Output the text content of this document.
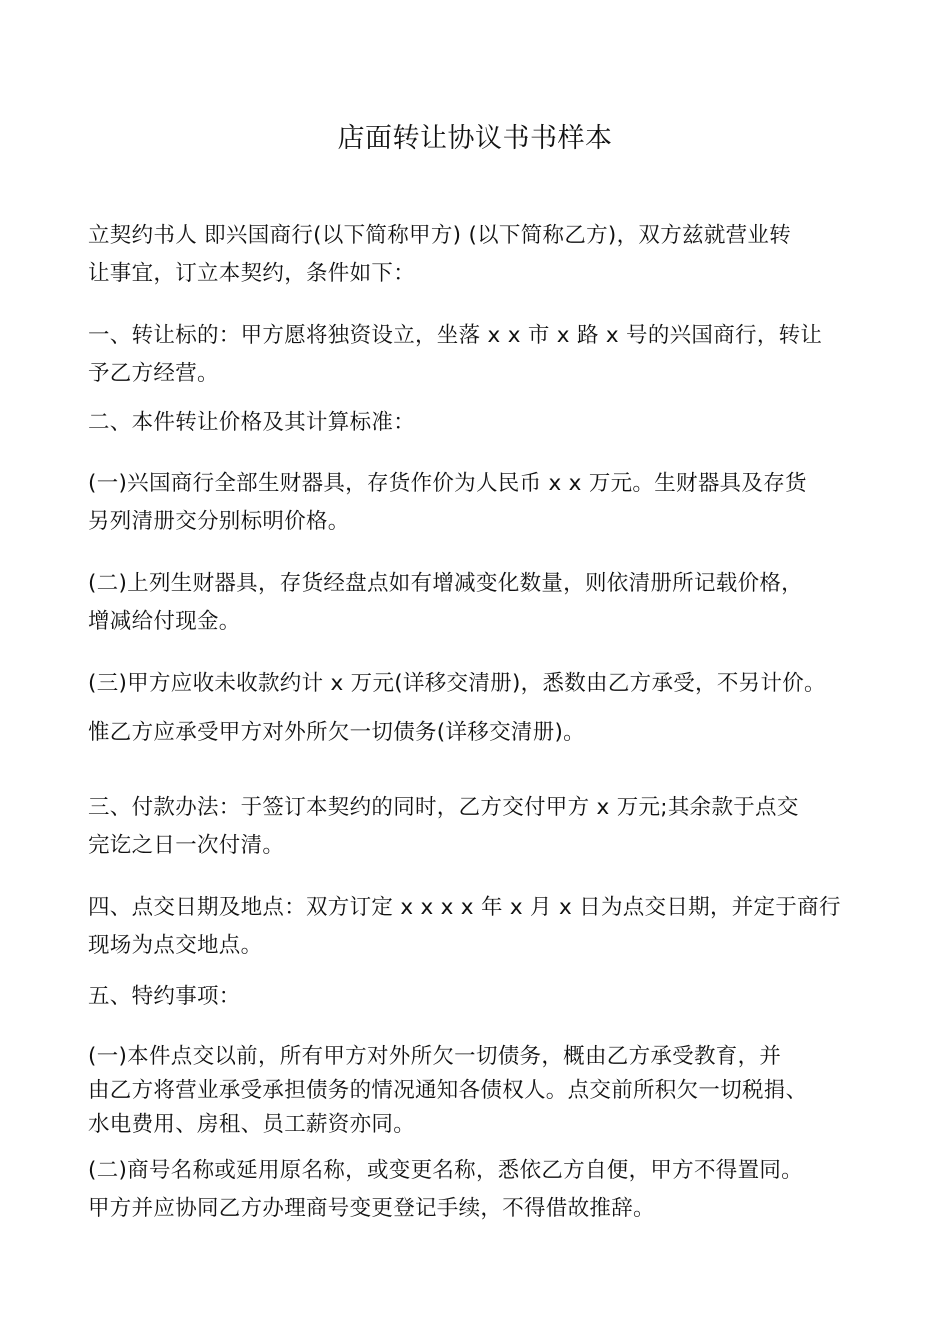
店面转让协议书书样本

立契约书人 即兴国商行(以下简称甲方) (以下简称乙方)，双方兹就营业转
让事宜，订立本契约，条件如下：

一、转让标的：甲方愿将独资设立，坐落 x x 市 x 路 x 号的兴国商行，转让
予乙方经营。

二、本件转让价格及其计算标准：

(一)兴国商行全部生财器具，存货作价为人民币 x x 万元。生财器具及存货
另列清册交分别标明价格。

(二)上列生财器具，存货经盘点如有增减变化数量，则依清册所记载价格，
增减给付现金。

(三)甲方应收未收款约计 x 万元(详移交清册)，悉数由乙方承受，不另计价。

惟乙方应承受甲方对外所欠一切债务(详移交清册)。

三、付款办法：于签订本契约的同时，乙方交付甲方 x 万元;其余款于点交
完讫之日一次付清。

四、点交日期及地点：双方订定 x x x x 年 x 月 x 日为点交日期，并定于商行
现场为点交地点。

五、特约事项：

(一)本件点交以前，所有甲方对外所欠一切债务，概由乙方承受教育，并
由乙方将营业承受承担债务的情况通知各债权人。点交前所积欠一切税捐、
水电费用、房租、员工薪资亦同。

(二)商号名称或延用原名称，或变更名称，悉依乙方自便，甲方不得置同。
甲方并应协同乙方办理商号变更登记手续，不得借故推辞。
